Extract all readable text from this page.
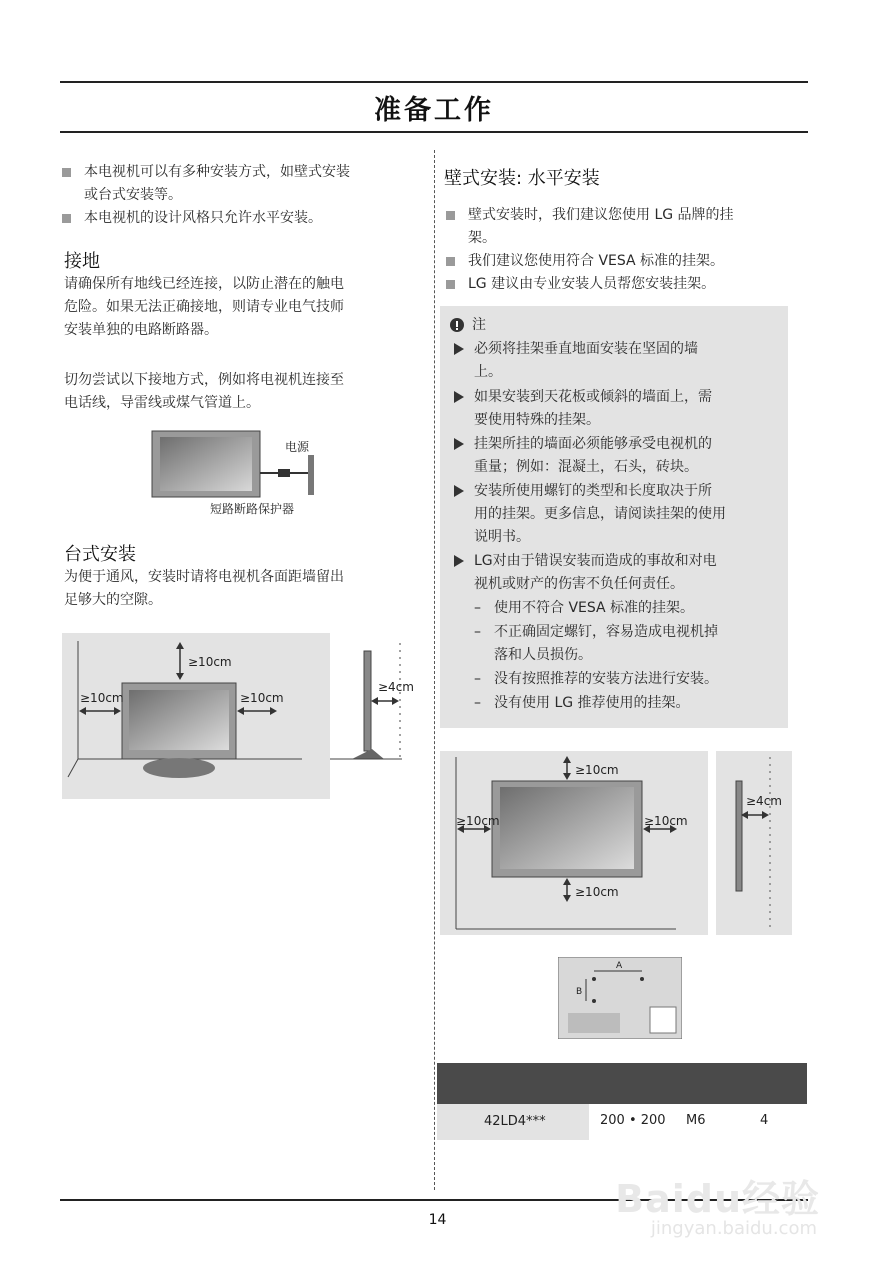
准备工作
本电视机可以有多种安装方式，如壁式安装
或台式安装等。
本电视机的设计风格只允许水平安装。
接地
请确保所有地线已经连接，以防止潜在的触电
危险。如果无法正确接地，则请专业电气技师
安装单独的电路断路器。
切勿尝试以下接地方式，例如将电视机连接至
电话线，导雷线或煤气管道上。
电源
短路断路保护器
台式安装
为便于通风，安装时请将电视机各面距墙留出
足够大的空隙。
≥10cm
≥10cm	≥10cm
≥4cm
壁式安装: 水平安装
壁式安装时，我们建议您使用 LG 品牌的挂
架。
我们建议您使用符合 VESA 标准的挂架。
LG 建议由专业安装人员帮您安装挂架。
注
必须将挂架垂直地面安装在坚固的墙
上。
如果安装到天花板或倾斜的墙面上，需
要使用特殊的挂架。
挂架所挂的墙面必须能够承受电视机的
重量；例如：混凝土，石头，砖块。
安装所使用螺钉的类型和长度取决于所
用的挂架。更多信息，请阅读挂架的使用
说明书。
LG对由于错误安装而造成的事故和对电
视机或财产的伤害不负任何责任。
– 使用不符合 VESA 标准的挂架。
– 不正确固定螺钉，容易造成电视机掉
落和人员损伤。
– 没有按照推荐的安装方法进行安装。
– 没有使用 LG 推荐使用的挂架。
≥10cm
≥10cm	≥10cm
≥10cm
≥4cm
A
B
42LD4***	200 • 200 M6	4
14	Baidu经验
jingyan.baidu.com
